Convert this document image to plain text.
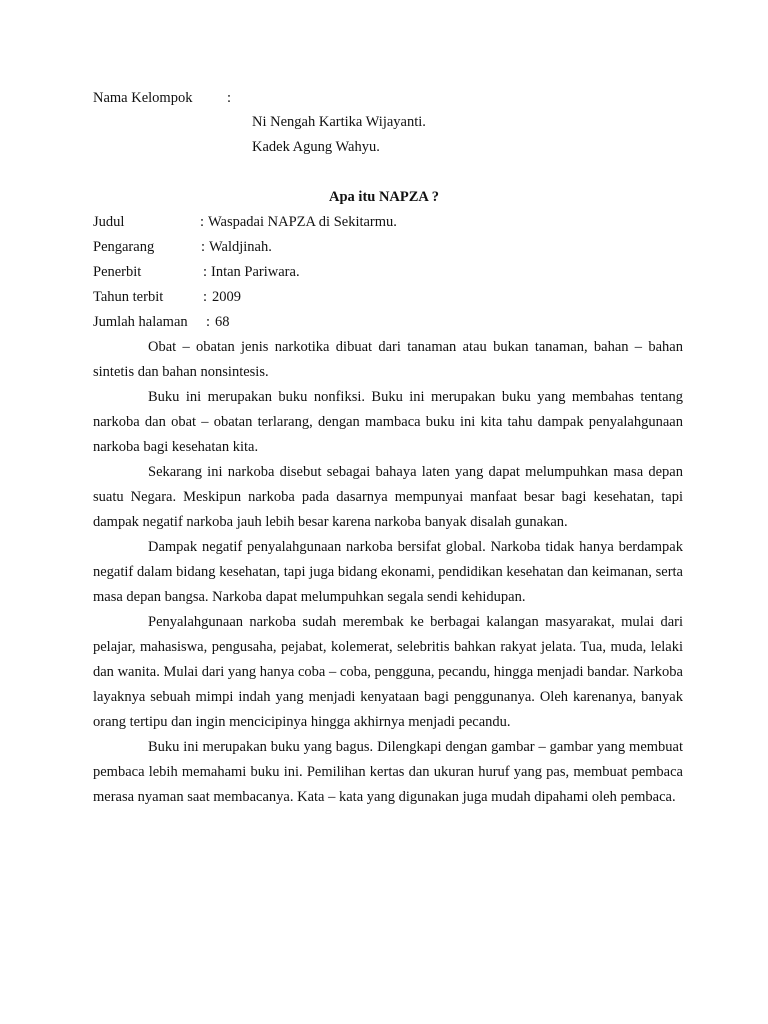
Nama Kelompok :
Ni Nengah Kartika Wijayanti.
Kadek Agung Wahyu.
Apa itu NAPZA ?
Judul	: Waspadai NAPZA di Sekitarmu.
Pengarang	: Waldjinah.
Penerbit	: Intan Pariwara.
Tahun terbit	: 2009
Jumlah halaman : 68

Obat – obatan jenis narkotika dibuat dari tanaman atau bukan tanaman, bahan – bahan sintetis dan bahan nonsintesis.

Buku ini merupakan buku nonfiksi. Buku ini merupakan buku yang membahas tentang narkoba dan obat – obatan terlarang, dengan mambaca buku ini kita tahu dampak penyalahgunaan narkoba bagi kesehatan kita.

Sekarang ini narkoba disebut sebagai bahaya laten yang dapat melumpuhkan masa depan suatu Negara. Meskipun narkoba pada dasarnya mempunyai manfaat besar bagi kesehatan, tapi dampak negatif narkoba jauh lebih besar karena narkoba banyak disalah gunakan.

Dampak negatif penyalahgunaan narkoba bersifat global. Narkoba tidak hanya berdampak negatif dalam bidang kesehatan, tapi juga bidang ekonami, pendidikan kesehatan dan keimanan, serta masa depan bangsa. Narkoba dapat melumpuhkan segala sendi kehidupan.

Penyalahgunaan narkoba sudah merembak ke berbagai kalangan masyarakat, mulai dari pelajar, mahasiswa, pengusaha, pejabat, kolemerat, selebritis bahkan rakyat jelata. Tua, muda, lelaki dan wanita. Mulai dari yang hanya coba – coba, pengguna, pecandu, hingga menjadi bandar. Narkoba layaknya sebuah mimpi indah yang menjadi kenyataan bagi penggunanya. Oleh karenanya, banyak orang tertipu dan ingin mencicipinya hingga akhirnya menjadi pecandu.

Buku ini merupakan buku yang bagus. Dilengkapi dengan gambar – gambar yang membuat pembaca lebih memahami buku ini. Pemilihan kertas dan ukuran huruf yang pas, membuat pembaca merasa nyaman saat membacanya. Kata – kata yang digunakan juga mudah dipahami oleh pembaca.
